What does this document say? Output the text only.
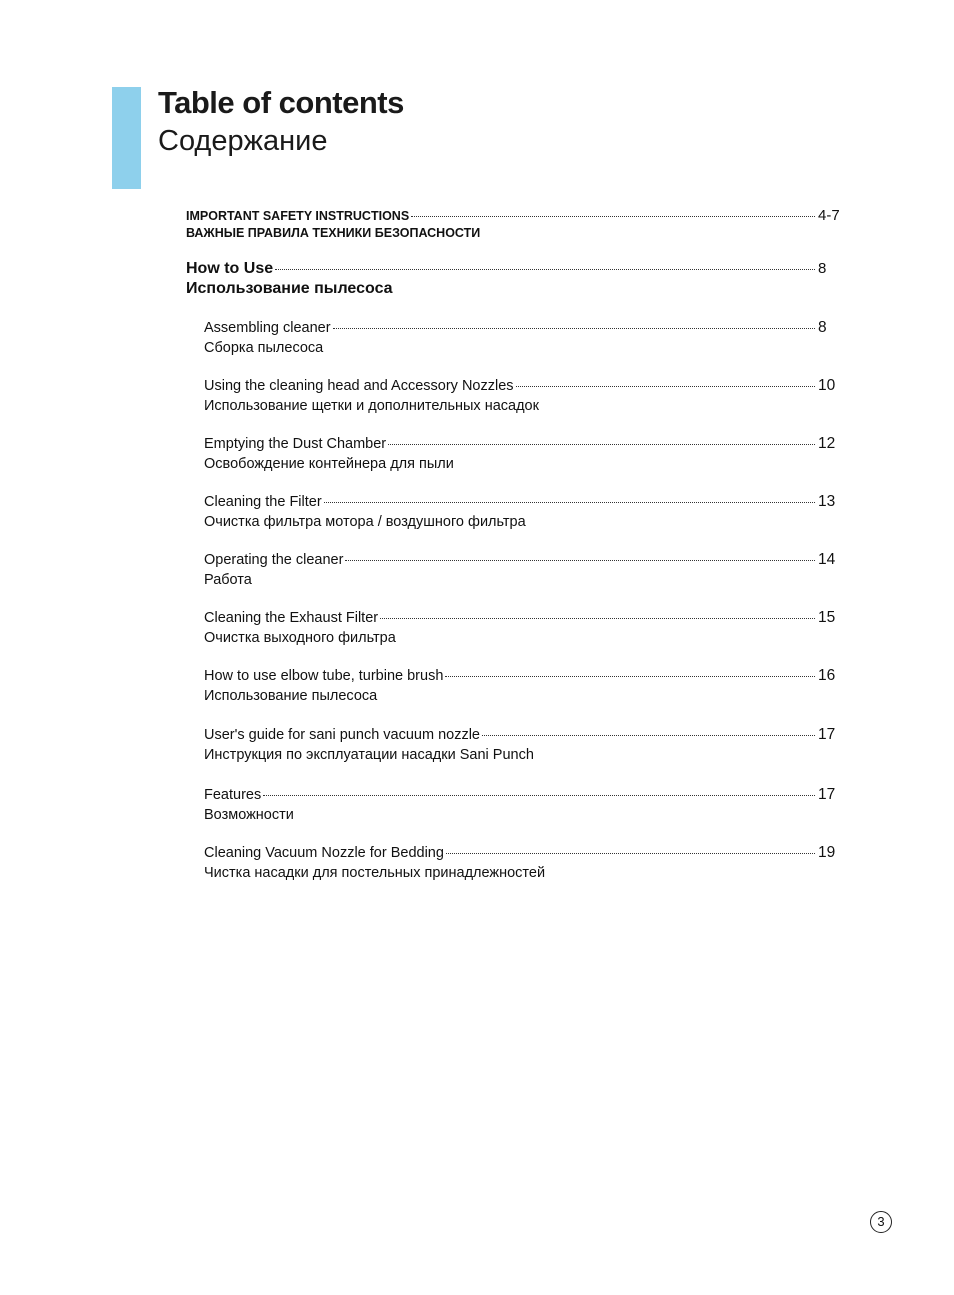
Table of contents
Содержание
IMPORTANT SAFETY INSTRUCTIONS	4-7
ВАЖНЫЕ ПРАВИЛА ТЕХНИКИ БЕЗОПАСНОСТИ
How to Use	8
Использование пылесоса
Assembling cleaner	8
Сборка пылесоса
Using the cleaning head and Accessory Nozzles	10
Использование щетки и дополнительных насадок
Emptying the Dust Chamber	12
Освобождение контейнера для пыли
Cleaning the Filter	13
Очистка фильтра мотора / воздушного фильтра
Operating the cleaner	14
Работа
Cleaning the Exhaust Filter	15
Очистка выходного фильтра
How to use elbow tube, turbine brush	16
Использование пылесоса
User's guide for sani punch vacuum nozzle	17
Инструкция по эксплуатации насадки Sani Punch
Features	17
Возможности
Cleaning Vacuum Nozzle for Bedding	19
Чистка насадки для постельных принадлежностей
3
